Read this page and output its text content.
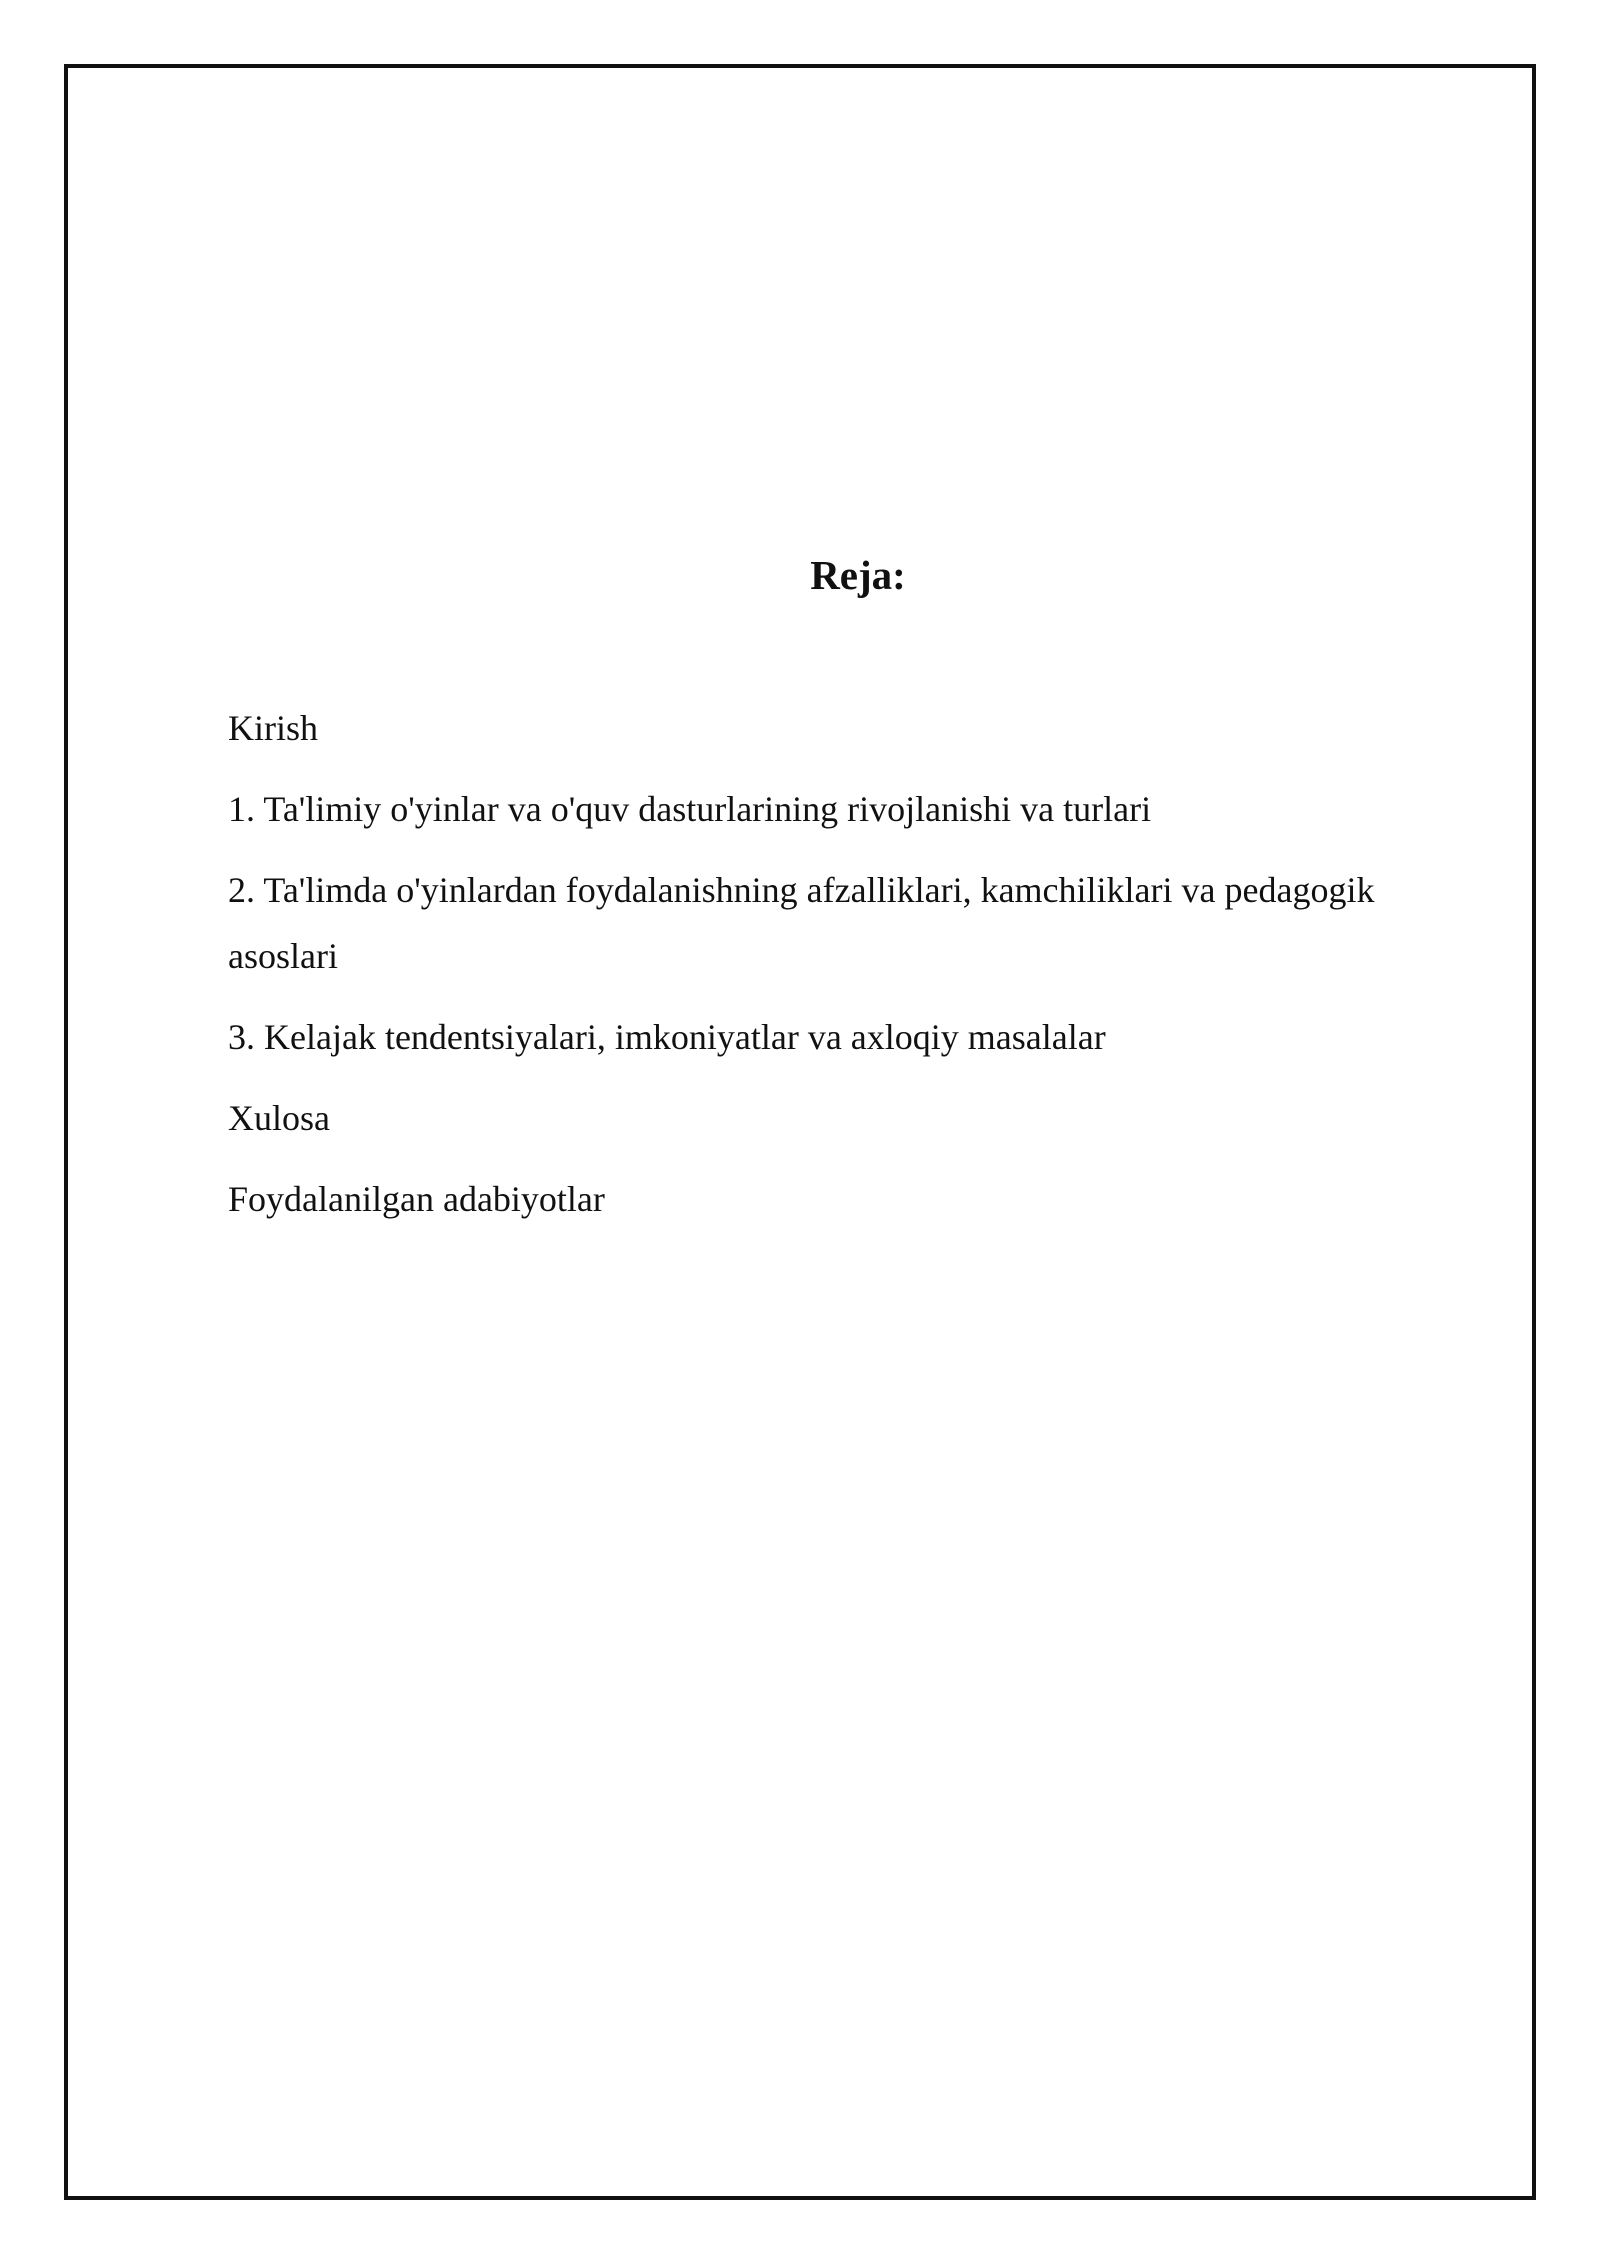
Reja:
Kirish
1. Ta'limiy o'yinlar va o'quv dasturlarining rivojlanishi va turlari
2. Ta'limda o'yinlardan foydalanishning afzalliklari, kamchiliklari va pedagogik asoslari
3. Kelajak tendentsiyalari, imkoniyatlar va axloqiy masalalar
Xulosa
Foydalanilgan adabiyotlar
